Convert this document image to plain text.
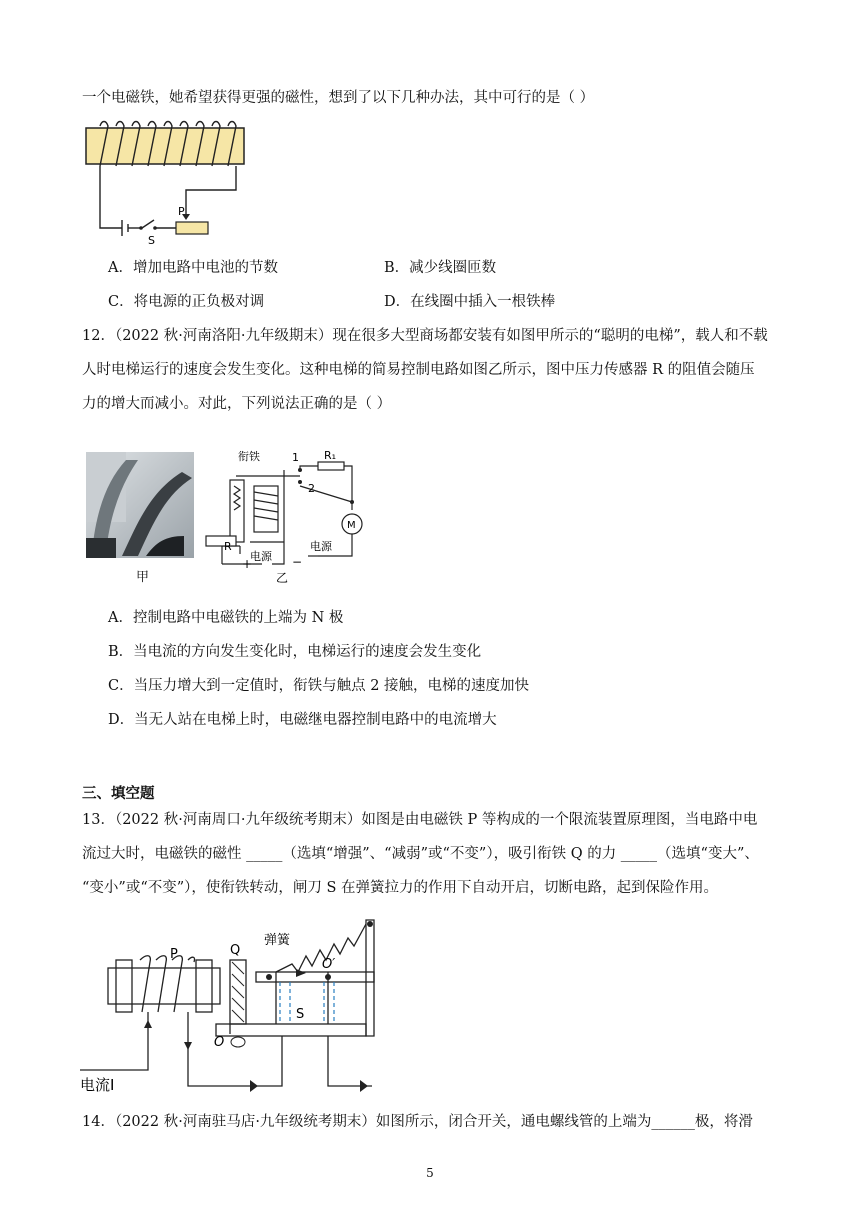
一个电磁铁，她希望获得更强的磁性，想到了以下几种办法，其中可行的是（ ）
P
S
A．增加电路中电池的节数	B．减少线圈匝数
C．将电源的正负极对调	D．在线圈中插入一根铁棒
12．（2022 秋·河南洛阳·九年级期末）现在很多大型商场都安装有如图甲所示的“聪明的电梯”，载人和不载
人时电梯运行的速度会发生变化。这种电梯的简易控制电路如图乙所示，图中压力传感器 R 的阻值会随压
力的增大而减小。对此，下列说法正确的是（ ）
甲
衔铁	1
2
R₁
M
R
电源
电源
+	−
乙
A．控制电路中电磁铁的上端为 N 极
B．当电流的方向发生变化时，电梯运行的速度会发生变化
C．当压力增大到一定值时，衔铁与触点 2 接触，电梯的速度加快
D．当无人站在电梯上时，电磁继电器控制电路中的电流增大
三、填空题
13．（2022 秋·河南周口·九年级统考期末）如图是由电磁铁 P 等构成的一个限流装置原理图，当电路中电
流过大时，电磁铁的磁性 _____（选填“增强”、“减弱”或“不变”），吸引衔铁 Q 的力 _____（选填“变大”、
“变小”或“不变”），使衔铁转动，闸刀 S 在弹簧拉力的作用下自动开启，切断电路，起到保险作用。
P	Q
弹簧
O
O′
S
电流I
14．（2022 秋·河南驻马店·九年级统考期末）如图所示，闭合开关，通电螺线管的上端为______极，将滑
5
